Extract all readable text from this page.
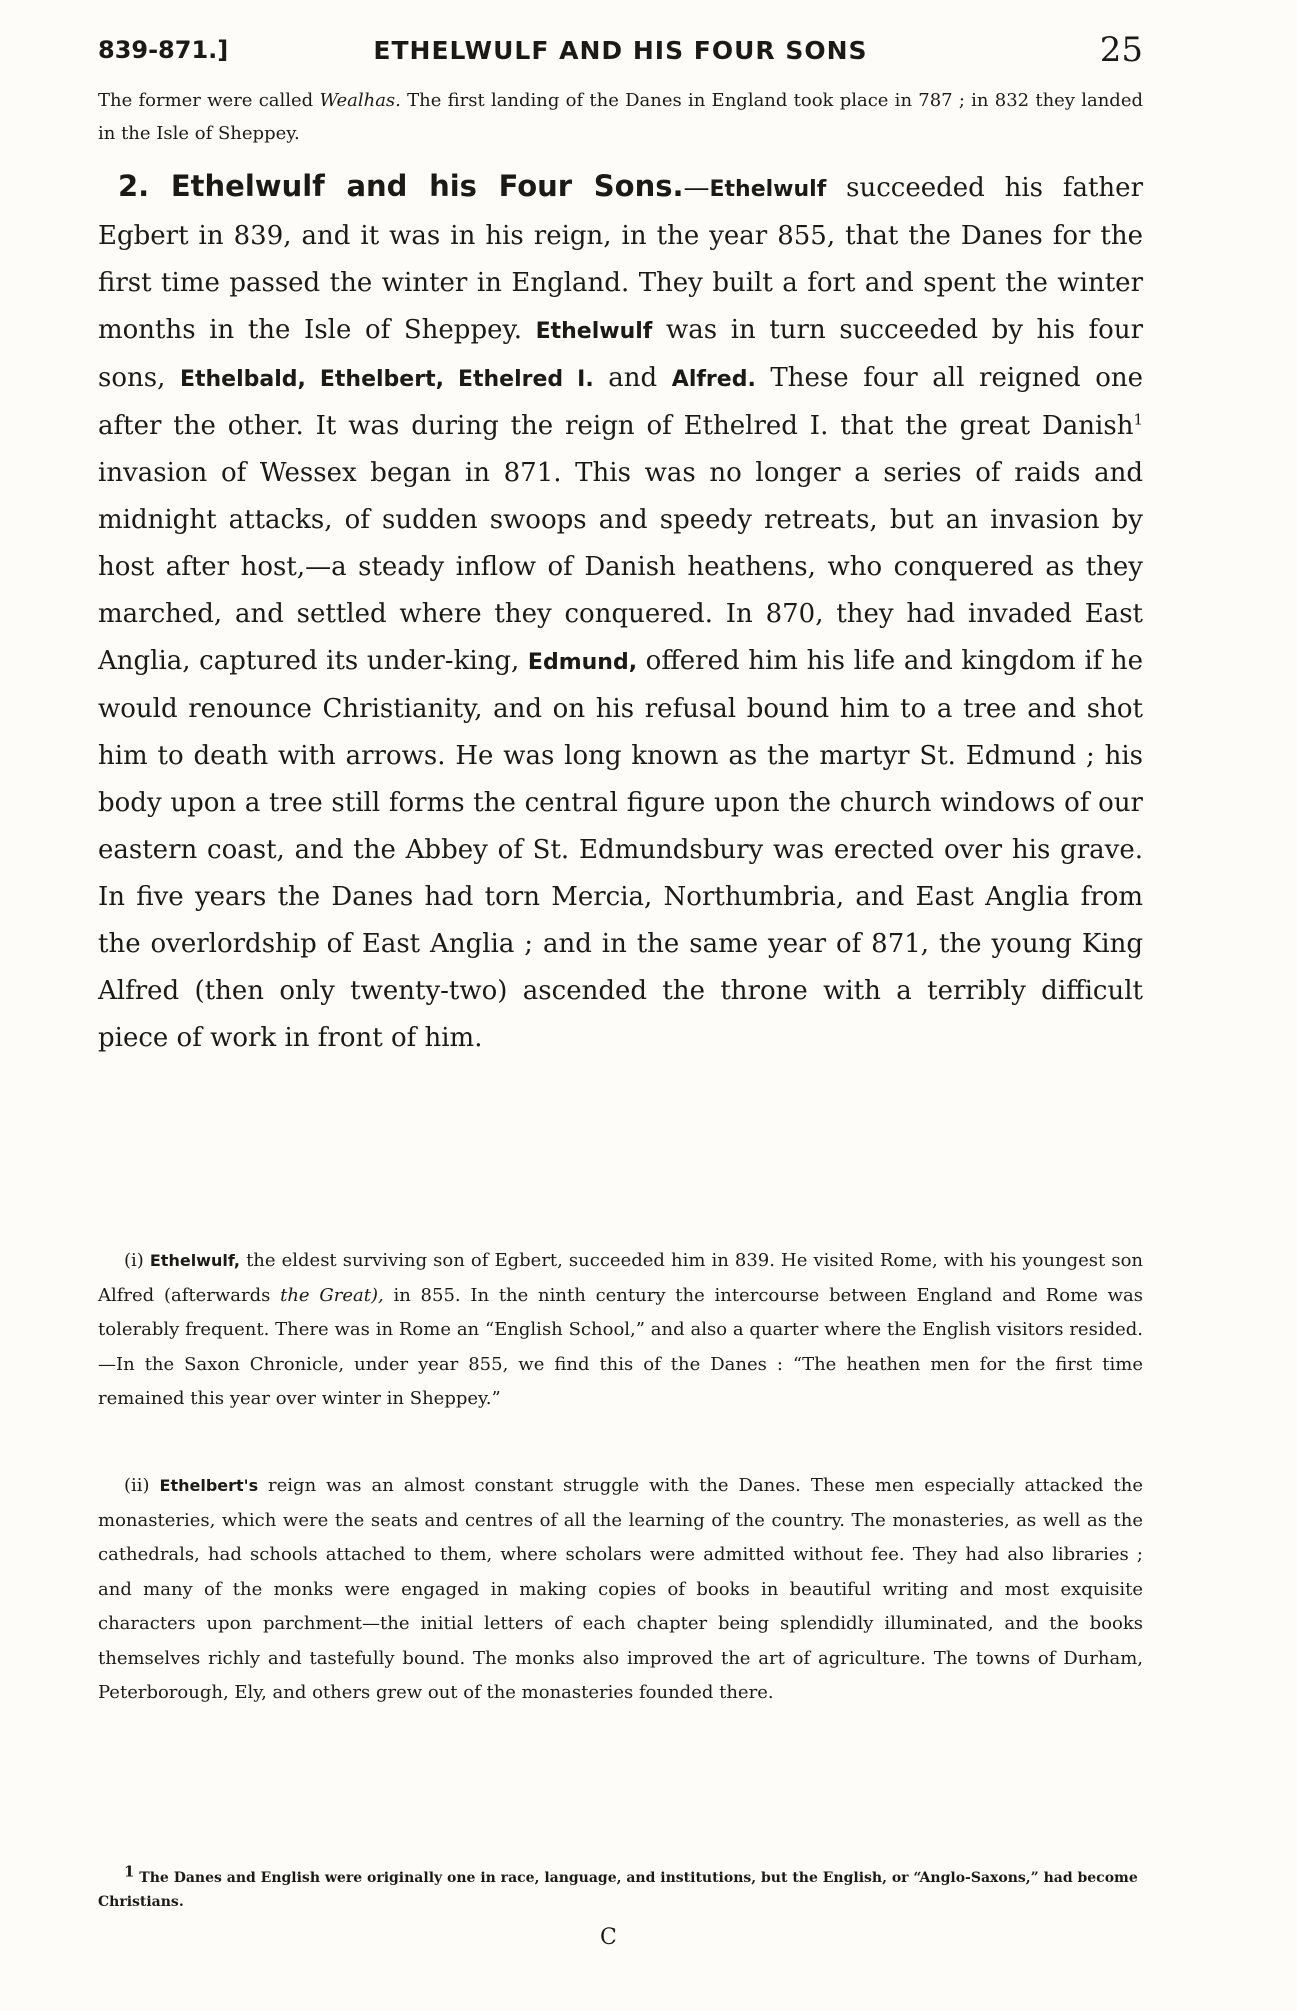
839-871.]	ETHELWULF AND HIS FOUR SONS	25
The former were called Wealhas. The first landing of the Danes in England took place in 787 ; in 832 they landed in the Isle of Sheppey.
2. Ethelwulf and his Four Sons.—Ethelwulf succeeded his father Egbert in 839, and it was in his reign, in the year 855, that the Danes for the first time passed the winter in England. They built a fort and spent the winter months in the Isle of Sheppey. Ethelwulf was in turn succeeded by his four sons, Ethelbald, Ethelbert, Ethelred I. and Alfred. These four all reigned one after the other. It was during the reign of Ethelred I. that the great Danish$^1$ invasion of Wessex began in 871. This was no longer a series of raids and midnight attacks, of sudden swoops and speedy retreats, but an invasion by host after host,—a steady inflow of Danish heathens, who conquered as they marched, and settled where they conquered. In 870, they had invaded East Anglia, captured its under-king, Edmund, offered him his life and kingdom if he would renounce Christianity, and on his refusal bound him to a tree and shot him to death with arrows. He was long known as the martyr St. Edmund ; his body upon a tree still forms the central figure upon the church windows of our eastern coast, and the Abbey of St. Edmundsbury was erected over his grave. In five years the Danes had torn Mercia, Northumbria, and East Anglia from the overlordship of East Anglia ; and in the same year of 871, the young King Alfred (then only twenty-two) ascended the throne with a terribly difficult piece of work in front of him.
(i) Ethelwulf, the eldest surviving son of Egbert, succeeded him in 839. He visited Rome, with his youngest son Alfred (afterwards the Great), in 855. In the ninth century the intercourse between England and Rome was tolerably frequent. There was in Rome an “English School,” and also a quarter where the English visitors resided.—In the Saxon Chronicle, under year 855, we find this of the Danes : “The heathen men for the first time remained this year over winter in Sheppey.”
(ii) Ethelbert's reign was an almost constant struggle with the Danes. These men especially attacked the monasteries, which were the seats and centres of all the learning of the country. The monasteries, as well as the cathedrals, had schools attached to them, where scholars were admitted without fee. They had also libraries ; and many of the monks were engaged in making copies of books in beautiful writing and most exquisite characters upon parchment—the initial letters of each chapter being splendidly illuminated, and the books themselves richly and tastefully bound. The monks also improved the art of agriculture. The towns of Durham, Peterborough, Ely, and others grew out of the monasteries founded there.
$^1$ The Danes and English were originally one in race, language, and institutions, but the English, or “Anglo-Saxons,” had become Christians.
C
